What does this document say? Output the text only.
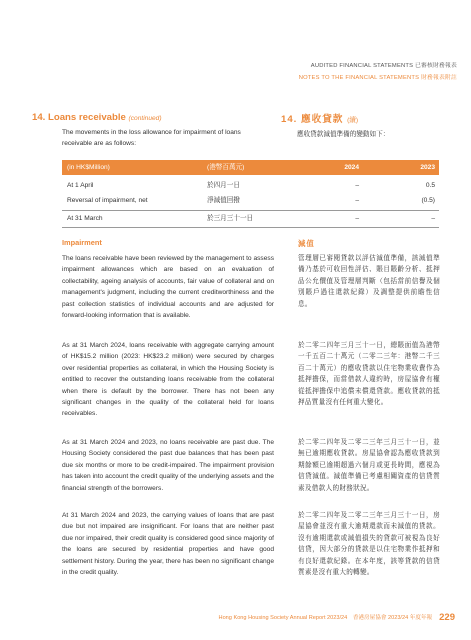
AUDITED FINANCIAL STATEMENTS 已審核財務報表
NOTES TO THE FINANCIAL STATEMENTS 財務報表附註
14. Loans receivable (continued)	14. 應收貸款 (續)
The movements in the loss allowance for impairment of loans receivable are as follows:
應收貸款減值準備的變動如下：
(in HK$Million)	(港幣百萬元)	2024	2023
At 1 April	於四月一日	–	0.5
Reversal of impairment, net	淨減值回撥	–	(0.5)
At 31 March	於三月三十一日	–	–
Impairment	減值
The loans receivable have been reviewed by the management to assess impairment allowances which are based on an evaluation of collectability, ageing analysis of accounts, fair value of collateral and on management's judgment, including the current creditworthiness and the past collection statistics of individual accounts and are adjusted for forward-looking information that is available.
As at 31 March 2024, loans receivable with aggregate carrying amount of HK$15.2 million (2023: HK$23.2 million) were secured by charges over residential properties as collateral, in which the Housing Society is entitled to recover the outstanding loans receivable from the collateral when there is default by the borrower. There has not been any significant changes in the quality of the collateral held for loans receivables.
As at 31 March 2024 and 2023, no loans receivable are past due. The Housing Society considered the past due balances that has been past due six months or more to be credit-impaired. The impairment provision has taken into account the credit quality of the underlying assets and the financial strength of the borrowers.
At 31 March 2024 and 2023, the carrying values of loans that are past due but not impaired are insignificant. For loans that are neither past due nor impaired, their credit quality is considered good since majority of the loans are secured by residential properties and have good settlement history. During the year, there has been no significant change in the credit quality.
管理層已審閱貸款以評估減值準備，該減值準備乃基於可收回性評估、賬目賬齡分析、抵押品公允價值及管理層判斷（包括當前信譽及個別賬戶過往還款紀錄）及調整提供前瞻性信息。
於二零二四年三月三十一日，總賬面值為港幣一千五百二十萬元（二零二三年：港幣二千三百二十萬元）的應收貸款以住宅物業收費作為抵押擔保，而當借款人違約時，房屋協會有權從抵押擔保中追償未償還貸款。應收貸款的抵押品質量沒有任何重大變化。
於二零二四年及二零二三年三月三十一日，並無已逾期應收貸款。房屋協會認為應收貸款到期餘額已逾期超過六個月或更長時間，應視為信貸減值。減值準備已考慮相關資產的信貸質素及借款人的財務狀況。
於二零二四年及二零二三年三月三十一日，房屋協會並沒有重大逾期還款而未減值的貸款。沒有逾期還款或減值損失的貸款可被視為良好信貸，因大部分的貸款是以住宅物業作抵押和有良好還款紀錄。在本年度，該等貸款的信貸質素是沒有重大的轉變。
Hong Kong Housing Society Annual Report 2023/24　香港房屋協會 2023/24 年度年報 229
